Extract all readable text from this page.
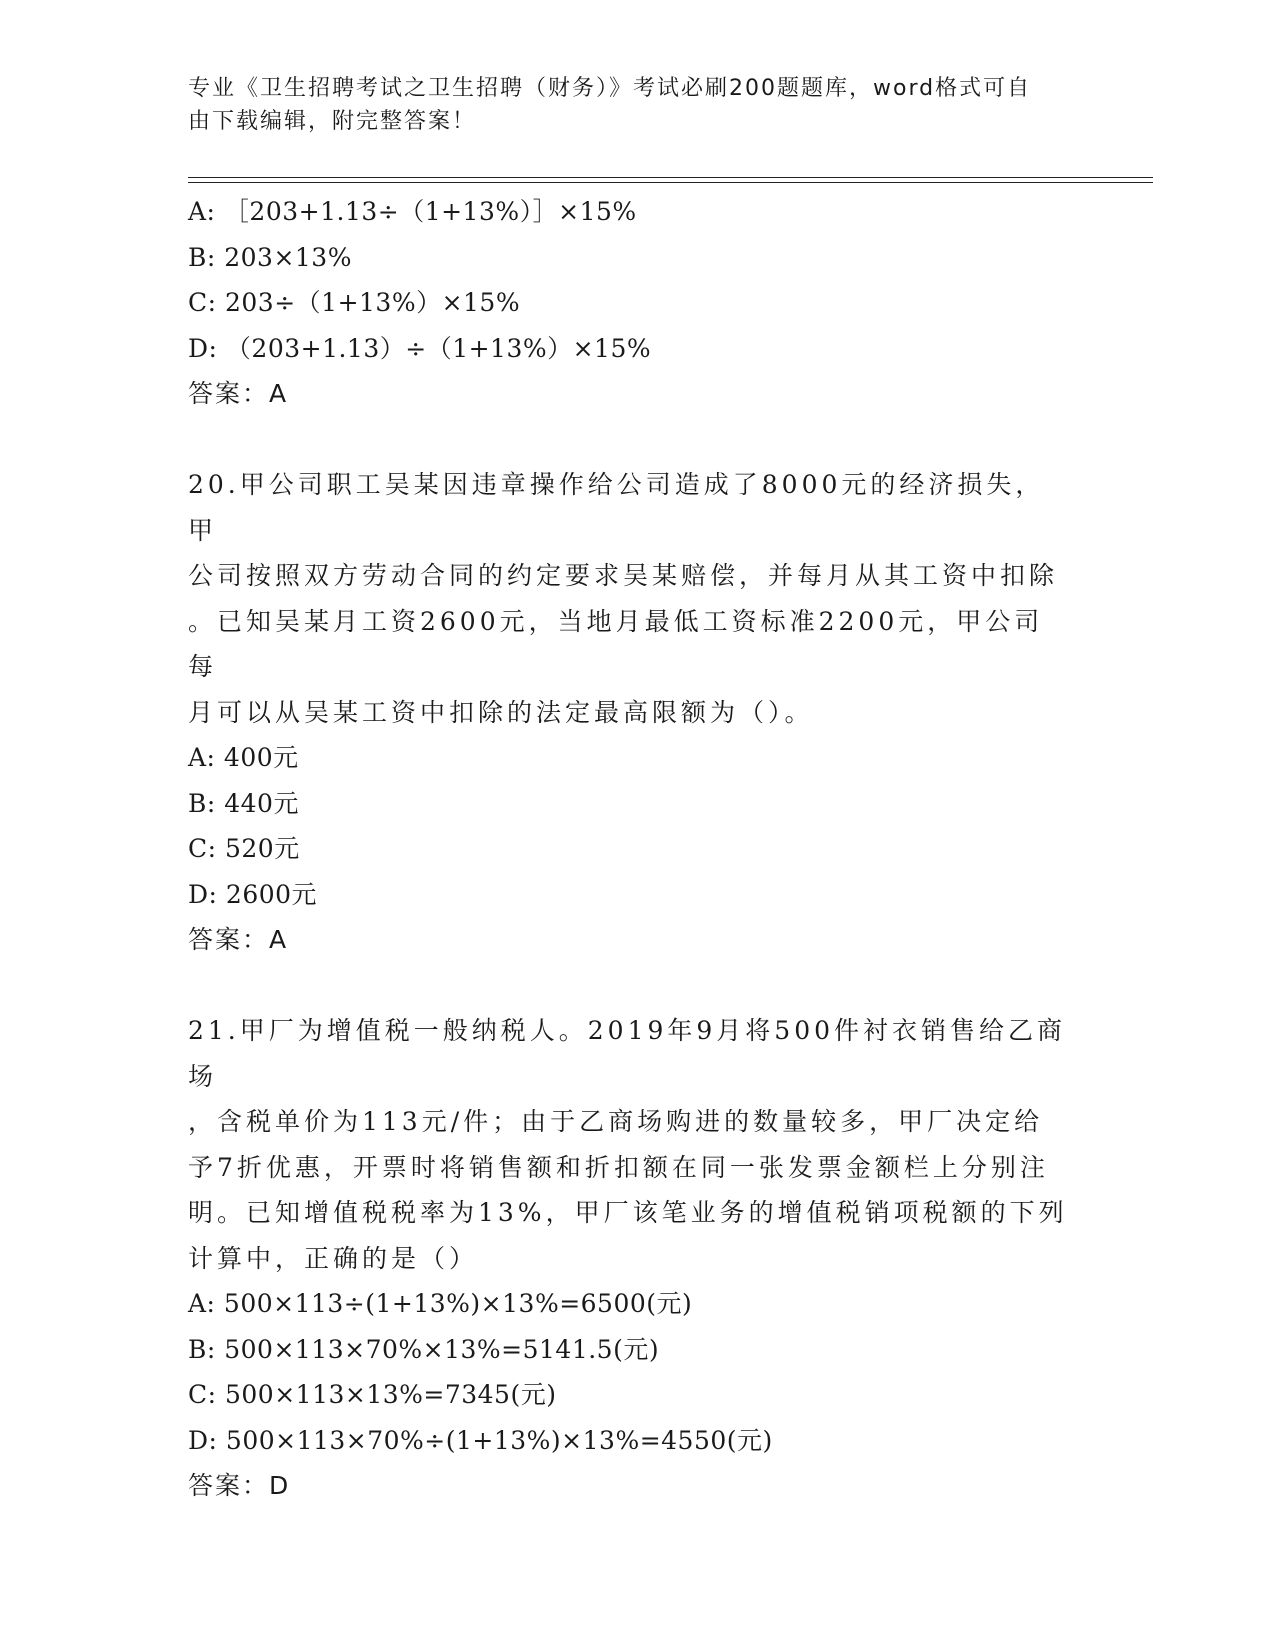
专业《卫生招聘考试之卫生招聘（财务）》考试必刷200题题库，word格式可自
由下载编辑，附完整答案！
A: ［203+1.13÷（1+13%）］×15%
B: 203×13%
C: 203÷（1+13%）×15%
D: （203+1.13）÷（1+13%）×15%
答案：A
20.甲公司职工吴某因违章操作给公司造成了8000元的经济损失，甲
公司按照双方劳动合同的约定要求吴某赔偿，并每月从其工资中扣除
。已知吴某月工资2600元，当地月最低工资标准2200元，甲公司每
月可以从吴某工资中扣除的法定最高限额为（）。
A: 400元
B: 440元
C: 520元
D: 2600元
答案：A
21.甲厂为增值税一般纳税人。2019年9月将500件衬衣销售给乙商场
，含税单价为113元/件；由于乙商场购进的数量较多，甲厂决定给
予7折优惠，开票时将销售额和折扣额在同一张发票金额栏上分别注
明。已知增值税税率为13%，甲厂该笔业务的增值税销项税额的下列
计算中，正确的是（）
A: 500×113÷(1+13%)×13%=6500(元)
B: 500×113×70%×13%=5141.5(元)
C: 500×113×13%=7345(元)
D: 500×113×70%÷(1+13%)×13%=4550(元)
答案：D
